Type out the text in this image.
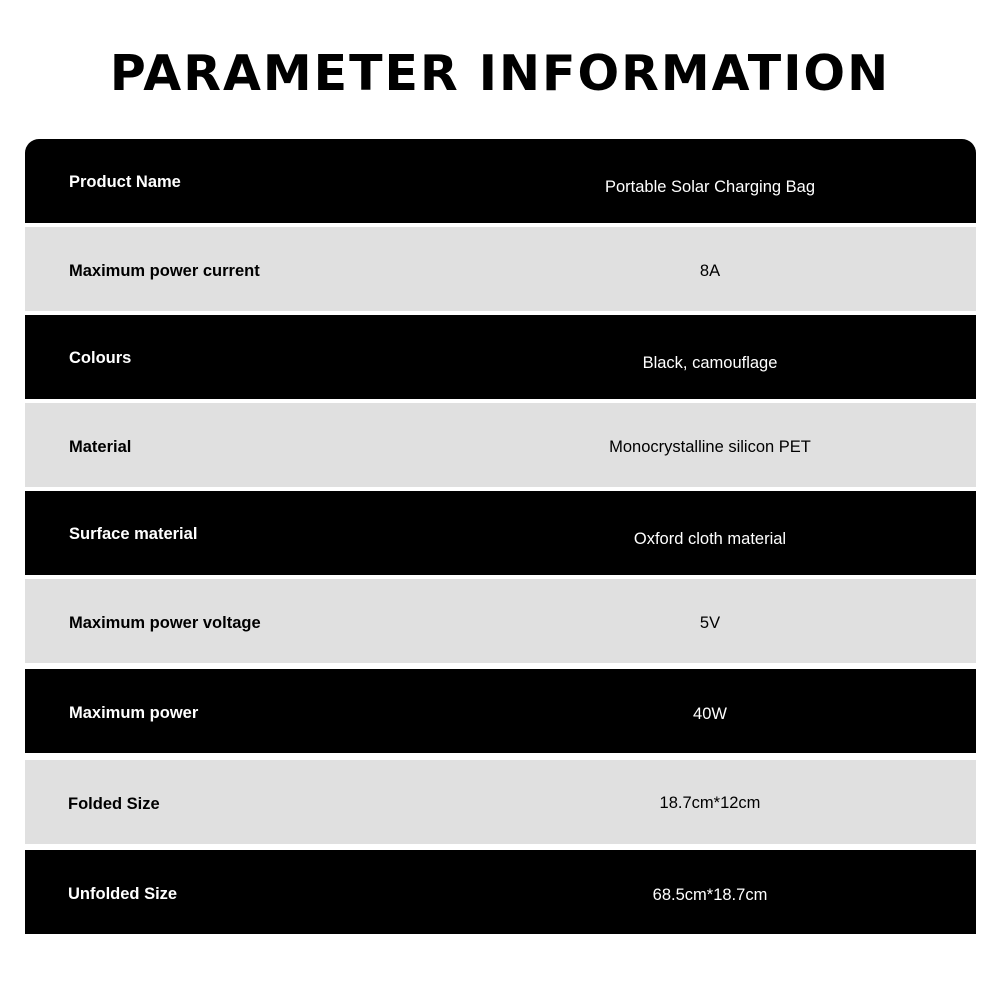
PARAMETER INFORMATION
Product Name	Portable Solar Charging Bag
Maximum power current	8A
Colours	Black, camouflage
Material	Monocrystalline silicon PET
Surface material	Oxford cloth material
Maximum power voltage	5V
Maximum power	40W
Folded Size	18.7cm*12cm
Unfolded Size	68.5cm*18.7cm
